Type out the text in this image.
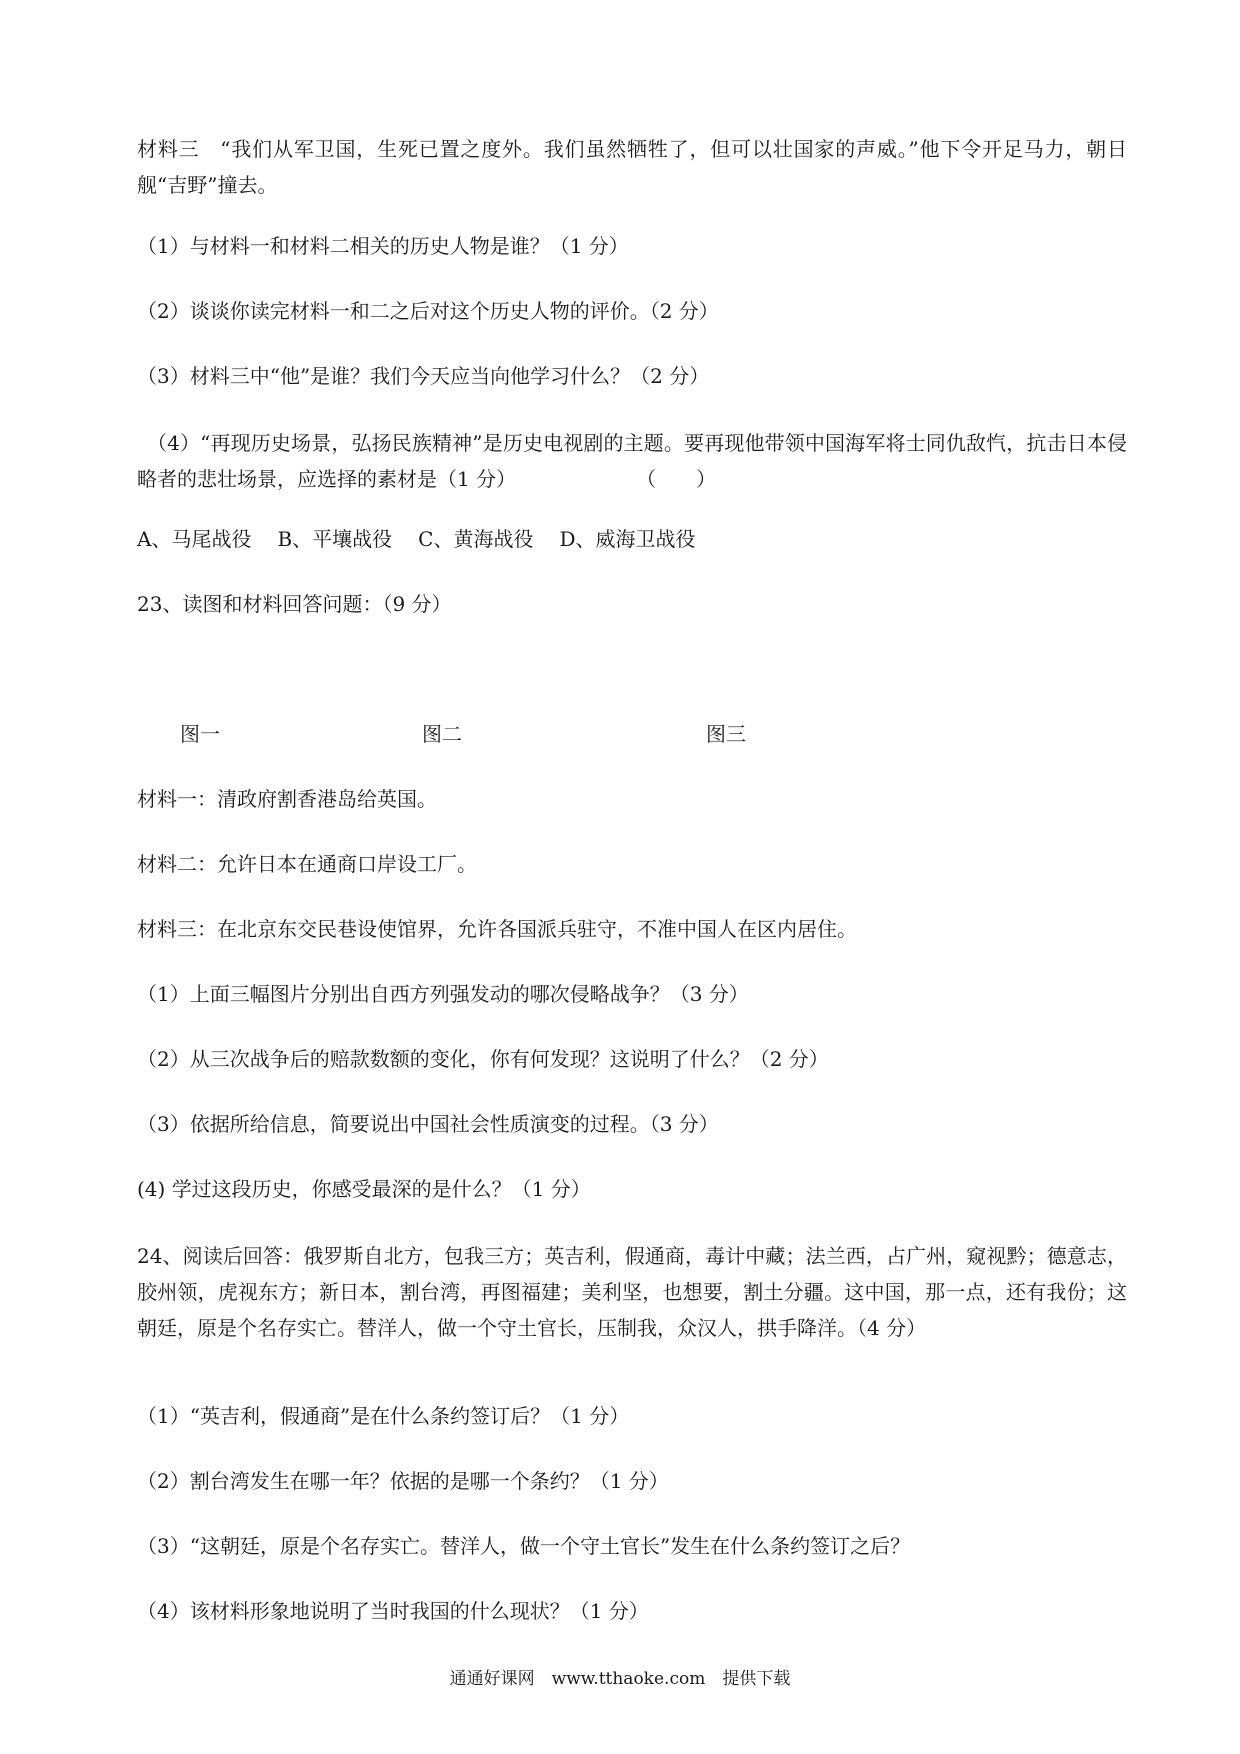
材料三　“我们从军卫国，生死已置之度外。我们虽然牺牲了，但可以壮国家的声威。”他下令开足马力，朝日舰“吉野”撞去。
（1）与材料一和材料二相关的历史人物是谁？（1 分）
（2）谈谈你读完材料一和二之后对这个历史人物的评价。（2 分）
（3）材料三中“他”是谁？我们今天应当向他学习什么？（2 分）
（4）“再现历史场景，弘扬民族精神”是历史电视剧的主题。要再现他带领中国海军将士同仇敌忾，抗击日本侵略者的悲壮场景，应选择的素材是（1 分）　　　　　　　（　　）
A、马尾战役 B、平壤战役 C、黄海战役 D、威海卫战役
23、读图和材料回答问题：（9 分）
图一	图二	图三
材料一：清政府割香港岛给英国。
材料二：允许日本在通商口岸设工厂。
材料三：在北京东交民巷设使馆界，允许各国派兵驻守，不准中国人在区内居住。
（1）上面三幅图片分别出自西方列强发动的哪次侵略战争？（3 分）
（2）从三次战争后的赔款数额的变化，你有何发现？这说明了什么？（2 分）
（3）依据所给信息，简要说出中国社会性质演变的过程。（3 分）
(4) 学过这段历史，你感受最深的是什么？（1 分）
24、阅读后回答：俄罗斯自北方，包我三方；英吉利，假通商，毒计中藏；法兰西，占广州，窥视黔；德意志，胶州领，虎视东方；新日本，割台湾，再图福建；美利坚，也想要，割土分疆。这中国，那一点，还有我份；这朝廷，原是个名存实亡。替洋人，做一个守土官长，压制我，众汉人，拱手降洋。（4 分）
（1）“英吉利，假通商”是在什么条约签订后？（1 分）
（2）割台湾发生在哪一年？依据的是哪一个条约？（1 分）
（3）“这朝廷，原是个名存实亡。替洋人，做一个守土官长”发生在什么条约签订之后？
（4）该材料形象地说明了当时我国的什么现状？（1 分）
通通好课网　www.tthaoke.com　提供下载
